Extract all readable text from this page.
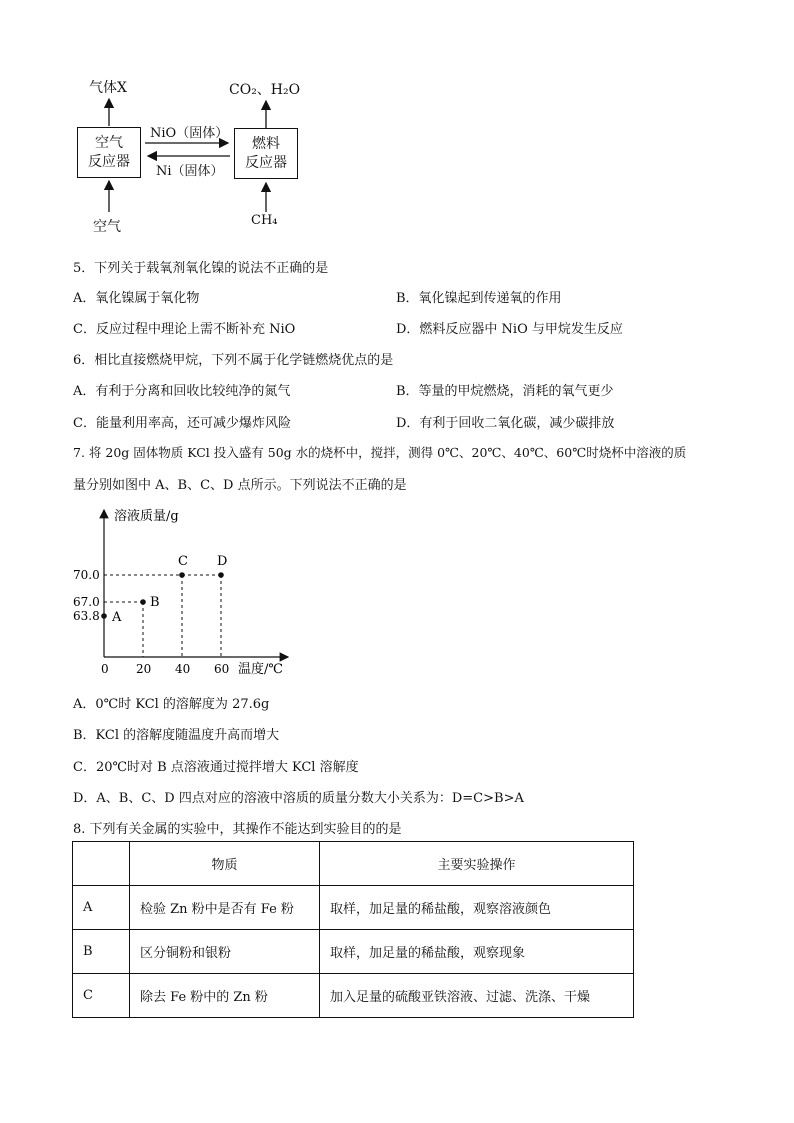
气体X	CO₂、H₂O
空气
反应器
燃料
反应器
NiO（固体）
Ni（固体）
空气	CH₄
5．下列关于载氧剂氧化镍的说法不正确的是
A．氧化镍属于氧化物	B．氧化镍起到传递氧的作用
C．反应过程中理论上需不断补充 NiO	D．燃料反应器中 NiO 与甲烷发生反应
6．相比直接燃烧甲烷，下列不属于化学链燃烧优点的是
A．有利于分离和回收比较纯净的氮气	B．等量的甲烷燃烧，消耗的氧气更少
C．能量利用率高，还可减少爆炸风险	D．有利于回收二氧化碳，减少碳排放
7. 将 20g 固体物质 KCl 投入盛有 50g 水的烧杯中，搅拌，测得 0℃、20℃、40℃、60℃时烧杯中溶液的质
量分别如图中 A、B、C、D 点所示。下列说法不正确的是
溶液质量/g
温度/℃
0 20 40 60
63.8
67.0
70.0
A
B
C D
A．0℃时 KCl 的溶解度为 27.6g
B．KCl 的溶解度随温度升高而增大
C．20℃时对 B 点溶液通过搅拌增大 KCl 溶解度
D．A、B、C、D 四点对应的溶液中溶质的质量分数大小关系为：D=C>B>A
8. 下列有关金属的实验中，其操作不能达到实验目的的是
	物质	主要实验操作
A	检验 Zn 粉中是否有 Fe 粉	取样，加足量的稀盐酸，观察溶液颜色
B	区分铜粉和银粉	取样，加足量的稀盐酸，观察现象
C	除去 Fe 粉中的 Zn 粉	加入足量的硫酸亚铁溶液、过滤、洗涤、干燥
